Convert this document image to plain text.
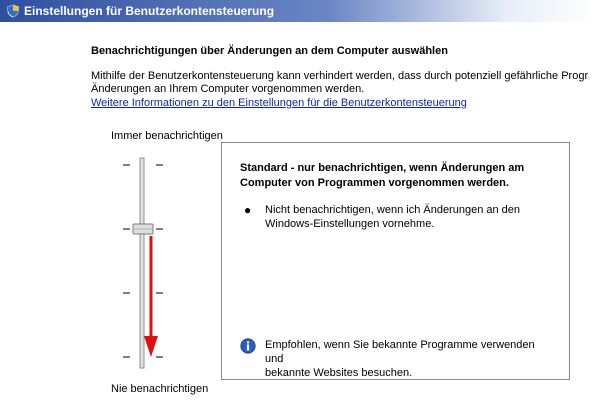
Einstellungen für Benutzerkontensteuerung
Benachrichtigungen über Änderungen an dem Computer auswählen
Mithilfe der Benutzerkontensteuerung kann verhindert werden, dass durch potenziell gefährliche Progr
Änderungen an Ihrem Computer vorgenommen werden.
Weitere Informationen zu den Einstellungen für die Benutzerkontensteuerung
Immer benachrichtigen
Nie benachrichtigen
Standard - nur benachrichtigen, wenn Änderungen am
Computer von Programmen vorgenommen werden.
●	Nicht benachrichtigen, wenn ich Änderungen an den
Windows-Einstellungen vornehme.
Empfohlen, wenn Sie bekannte Programme verwenden und
bekannte Websites besuchen.
